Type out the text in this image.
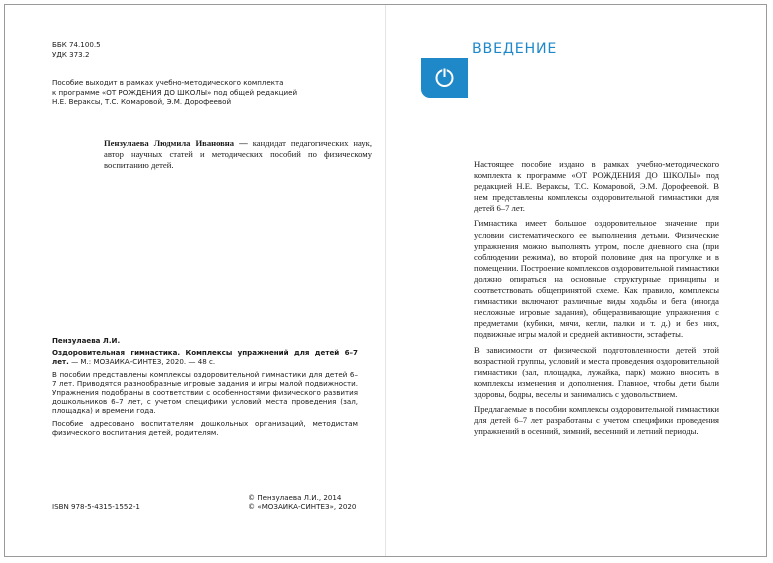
ББК 74.100.5
УДК 373.2
Пособие выходит в рамках учебно-методического комплекта
к программе «ОТ РОЖДЕНИЯ ДО ШКОЛЫ» под общей редакцией
Н.Е. Вераксы, Т.С. Комаровой, Э.М. Дорофеевой
Пензулаева Людмила Ивановна — кандидат педагогических наук, автор научных статей и методических пособий по физическому воспитанию детей.

Пензулаева Л.И.

Оздоровительная гимнастика. Комплексы упражнений для детей 6–7 лет. — М.: МОЗАИКА-СИНТЕЗ, 2020. — 48 с.

В пособии представлены комплексы оздоровительной гимнастики для детей 6–7 лет. Приводятся разнообразные игровые задания и игры малой подвижности. Упражнения подобраны в соответствии с особенностями физического развития дошкольников 6–7 лет, с учетом специфики условий места проведения (зал, площадка) и времени года.

Пособие адресовано воспитателям дошкольных организаций, методистам физического воспитания детей, родителям.

ISBN 978-5-4315-1552-1
© Пензулаева Л.И., 2014
© «МОЗАИКА-СИНТЕЗ», 2020
ВВЕДЕНИЕ

Настоящее пособие издано в рамках учебно-методического комплекта к программе «ОТ РОЖДЕНИЯ ДО ШКОЛЫ» под редакцией Н.Е. Вераксы, Т.С. Комаровой, Э.М. Дорофеевой. В нем представлены комплексы оздоровительной гимнастики для детей 6–7 лет.

Гимнастика имеет большое оздоровительное значение при условии систематического ее выполнения детьми. Физические упражнения можно выполнять утром, после дневного сна (при соблюдении режима), во второй половине дня на прогулке и в помещении. Построение комплексов оздоровительной гимнастики должно опираться на основные структурные принципы и соответствовать общепринятой схеме. Как правило, комплексы гимнастики включают различные виды ходьбы и бега (иногда несложные игровые задания), общеразвивающие упражнения с предметами (кубики, мячи, кегли, палки и т. д.) и без них, подвижные игры малой и средней активности, эстафеты.

В зависимости от физической подготовленности детей этой возрастной группы, условий и места проведения оздоровительной гимнастики (зал, площадка, лужайка, парк) можно вносить в комплексы изменения и дополнения. Главное, чтобы дети были здоровы, бодры, веселы и занимались с удовольствием.

Предлагаемые в пособии комплексы оздоровительной гимнастики для детей 6–7 лет разработаны с учетом специфики проведения упражнений в осенний, зимний, весенний и летний периоды.
